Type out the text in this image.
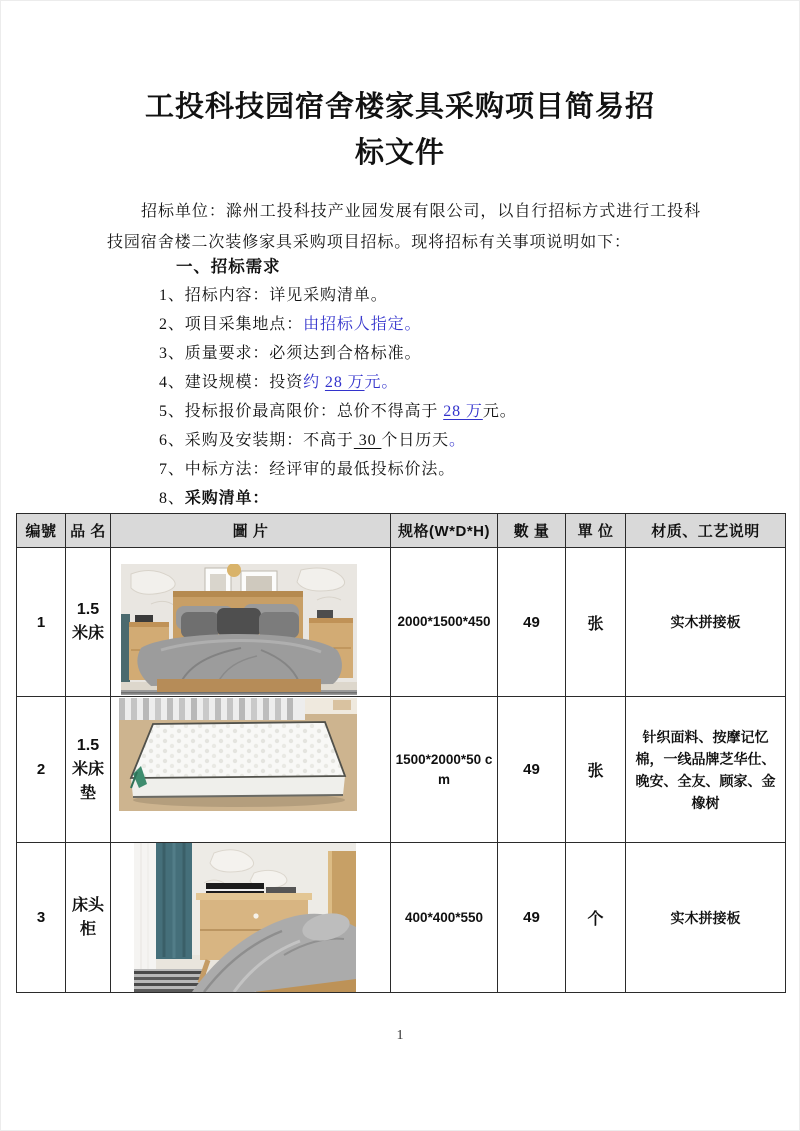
工投科技园宿舍楼家具采购项目简易招
标文件
招标单位：滁州工投科技产业园发展有限公司，以自行招标方式进行工投科技园宿舍楼二次装修家具采购项目招标。现将招标有关事项说明如下：
一、招标需求
1、招标内容：详见采购清单。
2、项目采集地点：由招标人指定。
3、质量要求：必须达到合格标准。
4、建设规模：投资约 28 万元。
5、投标报价最高限价：总价不得高于 28 万元。
6、采购及安装期：不高于 30 个日历天。
7、中标方法：经评审的最低投标价法。
8、采购清单：
编號	品 名	圖 片	规格(W*D*H)	數 量	單 位	材质、工艺说明
1	1.5 米床		2000*1500*450	49	张	实木拼接板
2	1.5 米床垫		1500*2000*50 cm	49	张	针织面料、按摩记忆棉，一线品牌芝华仕、晚安、全友、顾家、金橡树
3	床头柜		400*400*550	49	个	实木拼接板
1
